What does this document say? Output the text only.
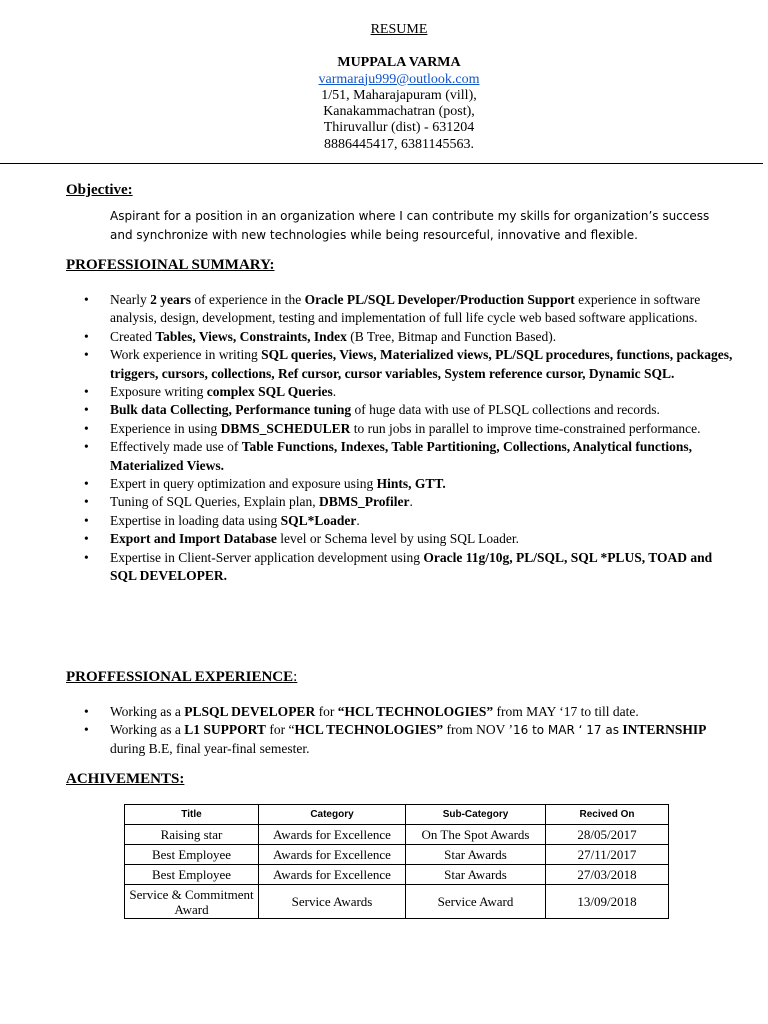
RESUME
MUPPALA VARMA
varmaraju999@outlook.com
1/51, Maharajapuram (vill),
Kanakammachatran (post),
Thiruvallur (dist) - 631204
8886445417, 6381145563.
Objective:
Aspirant for a position in an organization where I can contribute my skills for organization’s success and synchronize with new technologies while being resourceful, innovative and flexible.
PROFESSIOINAL SUMMARY:
• Nearly 2 years of experience in the Oracle PL/SQL Developer/Production Support experience in software analysis, design, development, testing and implementation of full life cycle web based software applications.
• Created Tables, Views, Constraints, Index (B Tree, Bitmap and Function Based).
• Work experience in writing SQL queries, Views, Materialized views, PL/SQL procedures, functions, packages, triggers, cursors, collections, Ref cursor, cursor variables, System reference cursor, Dynamic SQL.
• Exposure writing complex SQL Queries.
• Bulk data Collecting, Performance tuning of huge data with use of PLSQL collections and records.
• Experience in using DBMS_SCHEDULER to run jobs in parallel to improve time-constrained performance.
• Effectively made use of Table Functions, Indexes, Table Partitioning, Collections, Analytical functions, Materialized Views.
• Expert in query optimization and exposure using Hints, GTT.
• Tuning of SQL Queries, Explain plan, DBMS_Profiler.
• Expertise in loading data using SQL*Loader.
• Export and Import Database level or Schema level by using SQL Loader.
• Expertise in Client-Server application development using Oracle 11g/10g, PL/SQL, SQL *PLUS, TOAD and SQL DEVELOPER.
PROFFESSIONAL EXPERIENCE:
• Working as a PLSQL DEVELOPER for “HCL TECHNOLOGIES” from MAY ‘17 to till date.
• Working as a L1 SUPPORT for “HCL TECHNOLOGIES” from NOV ’16 to MAR ‘ 17 as INTERNSHIP during B.E, final year-final semester.
ACHIVEMENTS:
Title	Category	Sub-Category	Recived On
Raising star	Awards for Excellence	On The Spot Awards	28/05/2017
Best Employee	Awards for Excellence	Star Awards	27/11/2017
Best Employee	Awards for Excellence	Star Awards	27/03/2018
Service & Commitment Award	Service Awards	Service Award	13/09/2018
